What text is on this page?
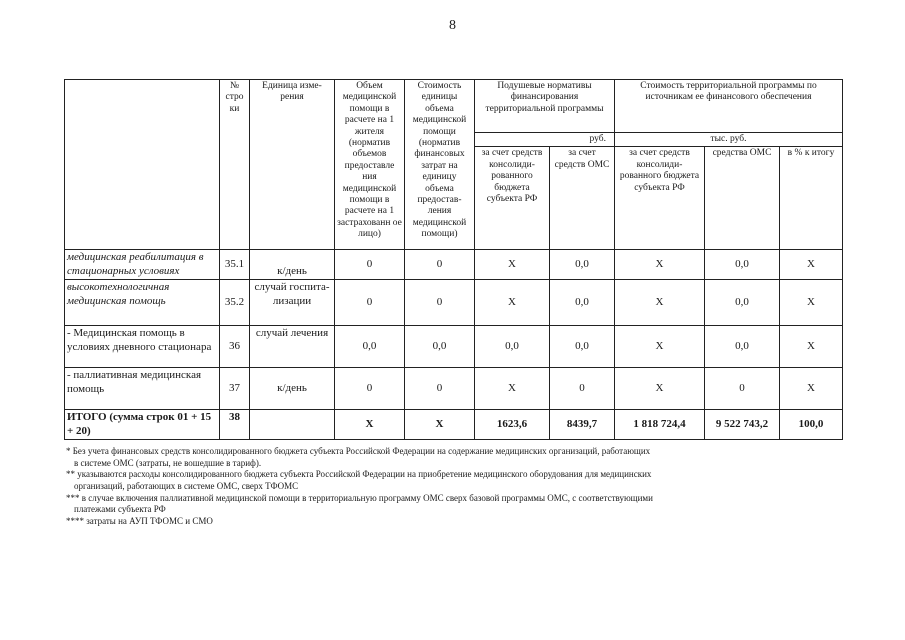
8
	№ стро ки	Единица изме-рения	Объем медицинской помощи в расчете на 1 жителя (норматив объемов предоставле ния медицинской помощи в расчете на 1 застрахованн ое лицо)	Стоимость единицы объема медицинской помощи (норматив финансовых затрат на единицу объема предостав-ления медицинской помощи)	Подушевые нормативы финансирования территориальной программы		Стоимость территориальной программы по источникам ее финансового обеспечения		
					руб.		тыс. руб.		
					за счет средств консолиди-рованного бюджета субъекта РФ	за счет средств ОМС	за счет средств консолиди-рованного бюджета субъекта РФ	средства ОМС	в % к итогу
медицинская реабилитация в стационарных условиях	35.1	к/день	0	0	X	0,0	X	0,0	X
высокотехнологичная медицинская помощь	35.2	случай госпита-лизации	0	0	X	0,0	X	0,0	X
- Медицинская помощь в условиях дневного стационара	36	случай лечения	0,0	0,0	0,0	0,0	X	0,0	X
- паллиативная медицинская помощь	37	к/день	0	0	X	0	X	0	X
ИТОГО (сумма строк 01 + 15 + 20)	38		X	X	1623,6	8439,7	1 818 724,4	9 522 743,2	100,0

* Без учета финансовых средств консолидированного бюджета субъекта Российской Федерации на содержание медицинских организаций, работающих

в системе ОМС (затраты, не вошедшие в тариф).

** указываются расходы консолидированного бюджета субъекта Российской Федерации на приобретение медицинского оборудования для медицинских

организаций, работающих в системе ОМС, сверх ТФОМС

*** в случае включения паллиативной медицинской помощи в территориальную программу ОМС сверх базовой программы ОМС, с соответствующими

платежами субъекта РФ

**** затраты на АУП ТФОМС и СМО
